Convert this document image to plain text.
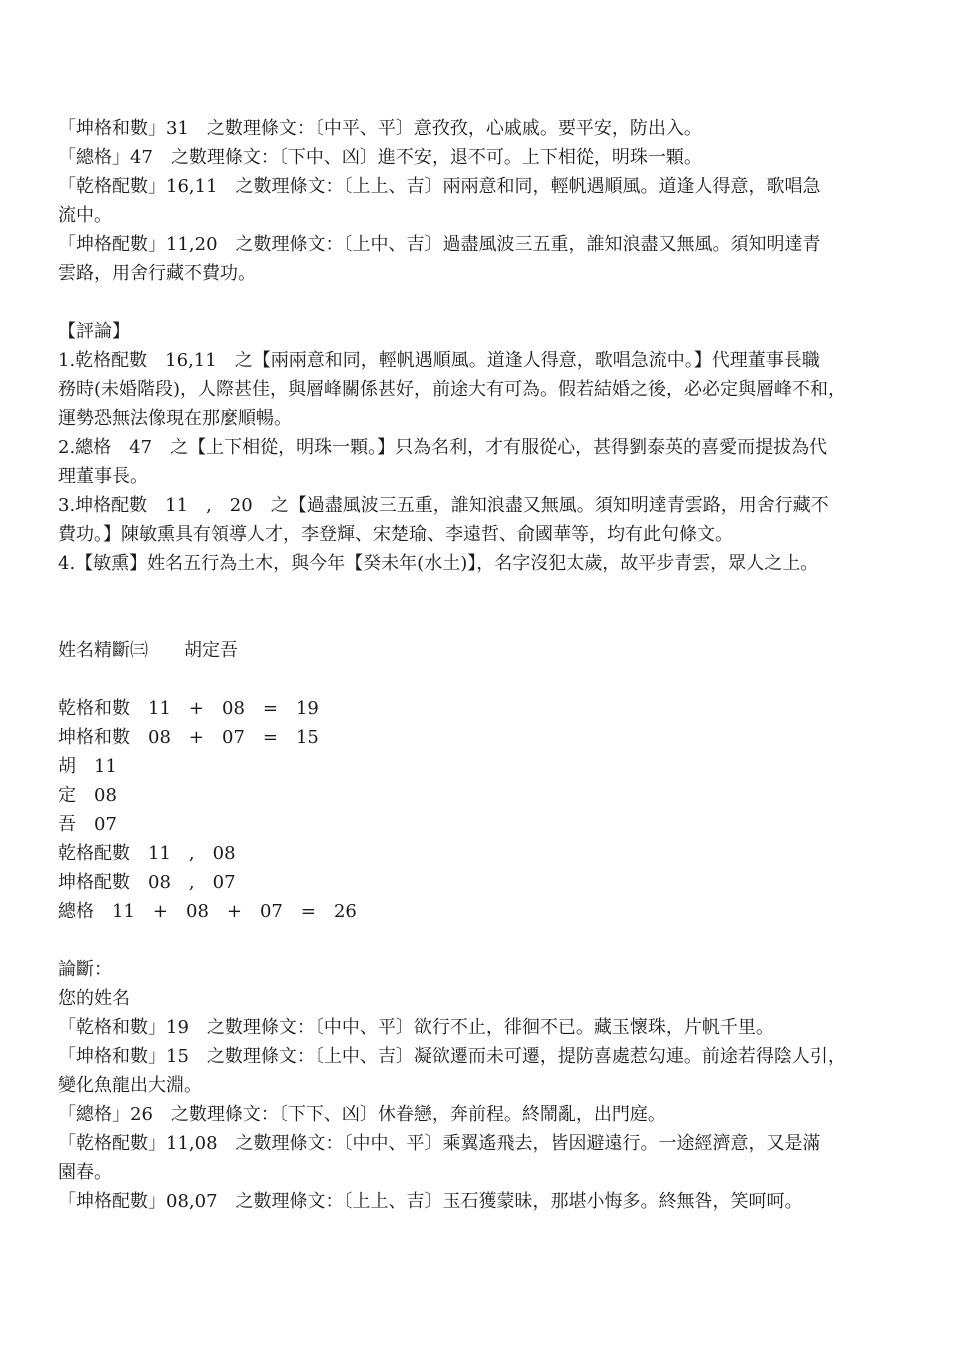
「坤格和數」31　之數理條文：〔中平、平〕意孜孜，心戚戚。要平安，防出入。

「總格」47　之數理條文：〔下中、凶〕進不安，退不可。上下相從，明珠一顆。

「乾格配數」16,11　之數理條文：〔上上、吉〕兩兩意和同，輕帆遇順風。道逢人得意，歌唱急

流中。

「坤格配數」11,20　之數理條文：〔上中、吉〕過盡風波三五重，誰知浪盡又無風。須知明達青

雲路，用舍行藏不費功。

【評論】

1.乾格配數　16,11　之【兩兩意和同，輕帆遇順風。道逢人得意，歌唱急流中。】代理董事長職

務時(未婚階段)，人際甚佳，與層峰關係甚好，前途大有可為。假若結婚之後，必必定與層峰不和，

運勢恐無法像現在那麼順暢。

2.總格　47　之【上下相從，明珠一顆。】只為名利，才有服從心，甚得劉泰英的喜愛而提拔為代

理董事長。

3.坤格配數　11　,　20　之【過盡風波三五重，誰知浪盡又無風。須知明達青雲路，用舍行藏不

費功。】陳敏熏具有領導人才，李登輝、宋楚瑜、李遠哲、俞國華等，均有此句條文。

4.【敏熏】姓名五行為土木，與今年【癸未年(水土)】，名字沒犯太歲，故平步青雲，眾人之上。

姓名精斷㈢　　 胡定吾

乾格和數　11　+　08　=　19

坤格和數　08　+　07　=　15

胡　11

定　08

吾　07

乾格配數　11　,　08

坤格配數　08　,　07

總格　11　+　08　+　07　=　26

論斷：

您的姓名

「乾格和數」19　之數理條文：〔中中、平〕欲行不止，徘徊不已。藏玉懷珠，片帆千里。

「坤格和數」15　之數理條文：〔上中、吉〕凝欲遷而未可遷，提防喜處惹勾連。前途若得陰人引，

變化魚龍出大淵。

「總格」26　之數理條文：〔下下、凶〕休眷戀，奔前程。終鬧亂，出門庭。

「乾格配數」11,08　之數理條文：〔中中、平〕乘翼遙飛去，皆因避遠行。一途經濟意，又是滿

園春。

「坤格配數」08,07　之數理條文：〔上上、吉〕玉石獲蒙昧，那堪小悔多。終無咎，笑呵呵。
